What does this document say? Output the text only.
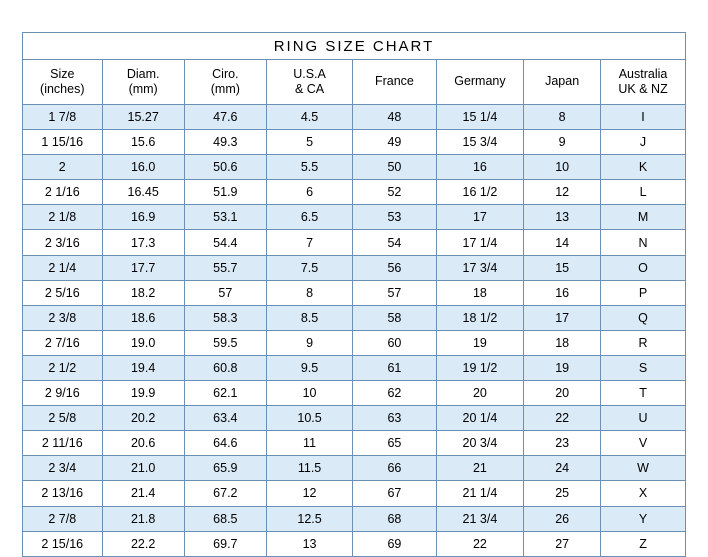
RING SIZE CHART							
Size
(inches)	Diam.
(mm)	Ciro.
(mm)	U.S.A
& CA	France	Germany	Japan	Australia
UK & NZ

1 7/8	15.27	47.6	4.5	48	15 1/4	8	I
1 15/16	15.6	49.3	5	49	15 3/4	9	J
2	16.0	50.6	5.5	50	16	10	K
2 1/16	16.45	51.9	6	52	16 1/2	12	L
2 1/8	16.9	53.1	6.5	53	17	13	M
2 3/16	17.3	54.4	7	54	17 1/4	14	N
2 1/4	17.7	55.7	7.5	56	17 3/4	15	O
2 5/16	18.2	57	8	57	18	16	P
2 3/8	18.6	58.3	8.5	58	18 1/2	17	Q
2 7/16	19.0	59.5	9	60	19	18	R
2 1/2	19.4	60.8	9.5	61	19 1/2	19	S
2 9/16	19.9	62.1	10	62	20	20	T
2 5/8	20.2	63.4	10.5	63	20 1/4	22	U
2 11/16	20.6	64.6	11	65	20 3/4	23	V
2 3/4	21.0	65.9	11.5	66	21	24	W
2 13/16	21.4	67.2	12	67	21 1/4	25	X
2 7/8	21.8	68.5	12.5	68	21 3/4	26	Y
2 15/16	22.2	69.7	13	69	22	27	Z
